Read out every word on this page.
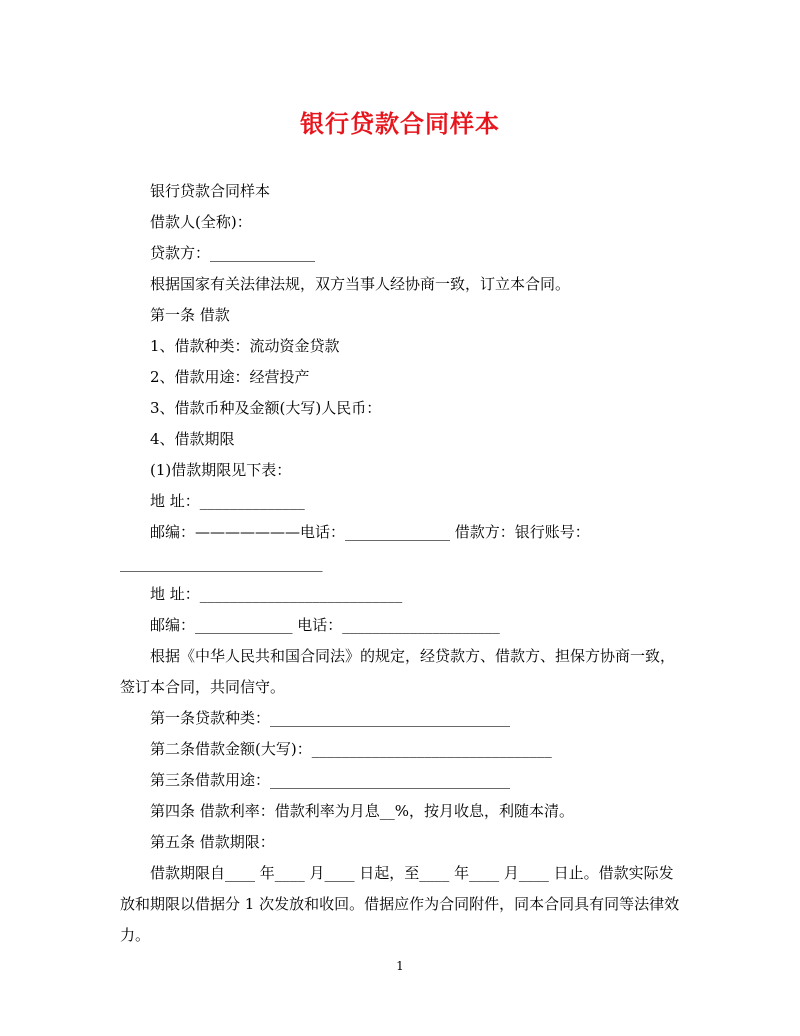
银行贷款合同样本

银行贷款合同样本

借款人(全称)：

贷款方：______________

根据国家有关法律法规，双方当事人经协商一致，订立本合同。

第一条 借款

1、借款种类：流动资金贷款

2、借款用途：经营投产

3、借款币种及金额(大写)人民币：

4、借款期限

(1)借款期限见下表：

地 址：______________

邮编：———————电话：______________ 借款方：银行账号：

___________________________

地 址：___________________________

邮编：_____________ 电话：_____________________

根据《中华人民共和国合同法》的规定，经贷款方、借款方、担保方协商一致，签订本合同，共同信守。

第一条贷款种类：________________________________

第二条借款金额(大写)：________________________________

第三条借款用途：________________________________

第四条 借款利率：借款利率为月息__%，按月收息，利随本清。

第五条 借款期限：

借款期限自____ 年____ 月____ 日起，至____ 年____ 月____ 日止。借款实际发放和期限以借据分 1 次发放和收回。借据应作为合同附件，同本合同具有同等法律效力。

1
